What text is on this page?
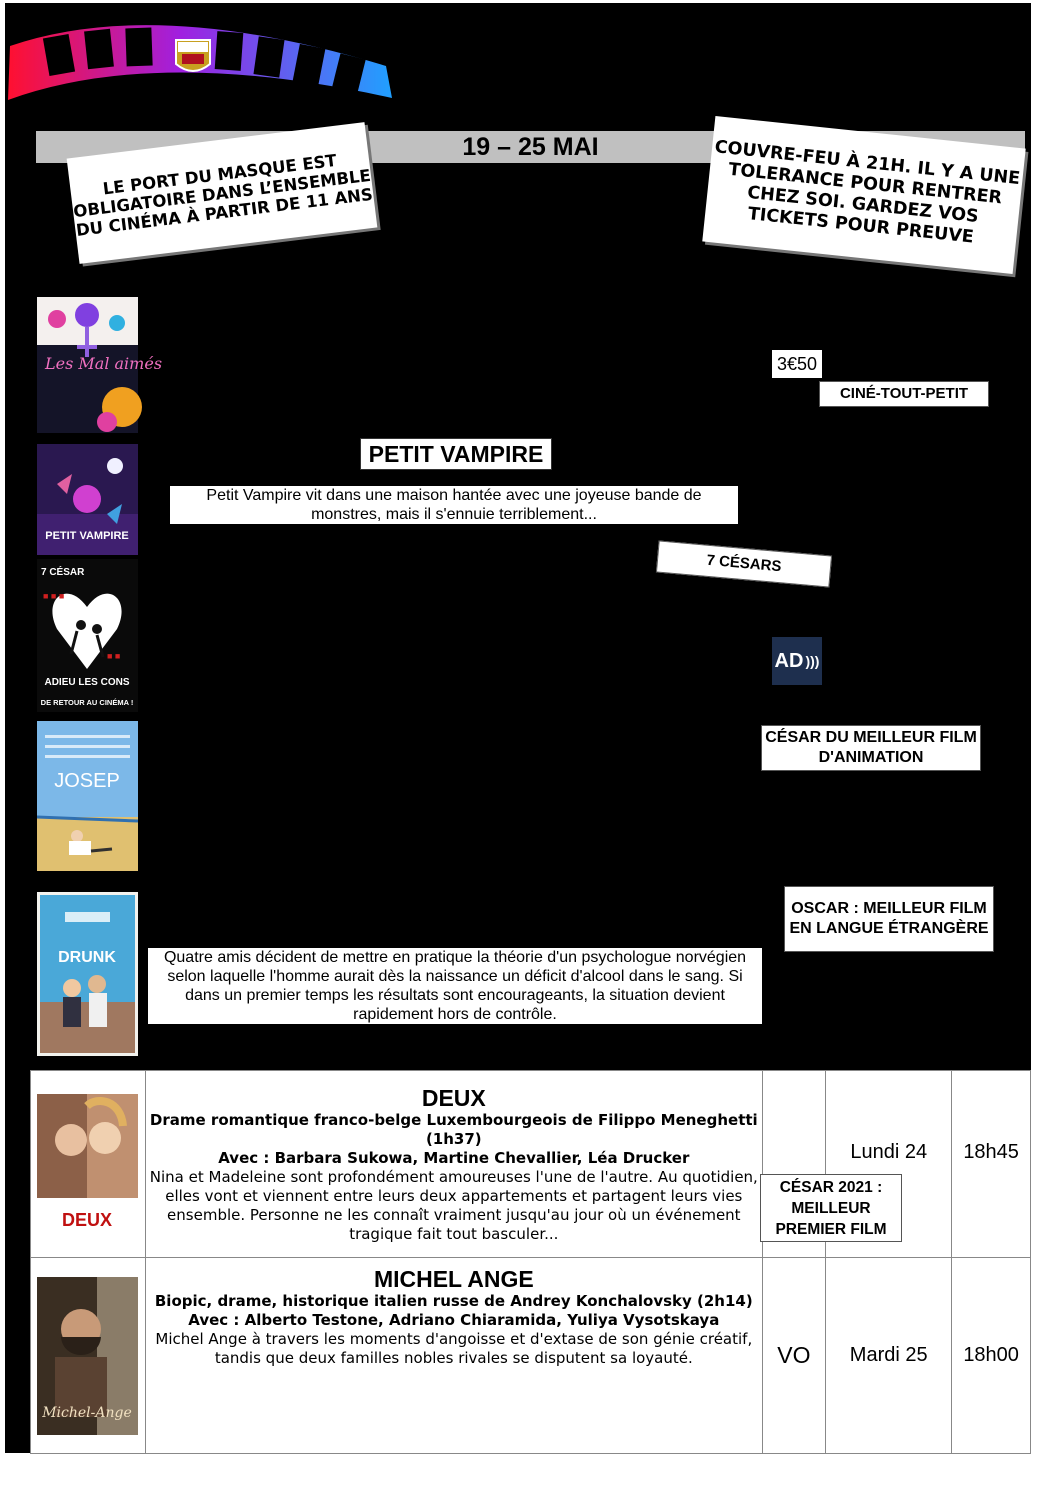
19 – 25 MAI
LE PORT DU MASQUE EST OBLIGATOIRE DANS L’ENSEMBLE DU CINÉMA À PARTIR DE 11 ANS
COUVRE-FEU À 21H. IL Y A UNE TOLERANCE POUR RENTRER CHEZ SOI. GARDEZ VOS TICKETS POUR PREUVE
Les Mal aimés
PETIT VAMPIRE
7 CÉSAR
ADIEU LES CONS
DE RETOUR AU CINÉMA !
■ ■ ■
■ ■
JOSEP
DRUNK
3€50
CINÉ-TOUT-PETIT
PETIT VAMPIRE
Petit Vampire vit dans une maison hantée avec une joyeuse bande de monstres, mais il s'ennuie terriblement...
7 CÉSARS
AD )))
CÉSAR DU MEILLEUR FILM D'ANIMATION
OSCAR : MEILLEUR FILM EN LANGUE ÉTRANGÈRE
Quatre amis décident de mettre en pratique la théorie d'un psychologue norvégien selon laquelle l'homme aurait dès la naissance un déficit d'alcool dans le sang. Si dans un premier temps les résultats sont encourageants, la situation devient rapidement hors de contrôle.
DEUX	DEUX
Drame romantique franco-belge Luxembourgeois de Filippo Meneghetti (1h37)
Avec : Barbara Sukowa, Martine Chevallier, Léa Drucker
Nina et Madeleine sont profondément amoureuses l'une de l'autre. Au quotidien, elles vont et viennent entre leurs deux appartements et partagent leurs vies ensemble. Personne ne les connaît vraiment jusqu'au jour où un événement tragique fait tout basculer...		Lundi 24	18h45

Michel-Ange	MICHEL ANGE
Biopic, drame, historique italien russe de Andrey Konchalovsky (2h14)
Avec : Alberto Testone, Adriano Chiaramida, Yuliya Vysotskaya
Michel Ange à travers les moments d'angoisse et d'extase de son génie créatif, tandis que deux familles nobles rivales se disputent sa loyauté.	VO	Mardi 25	18h00
CÉSAR 2021 : MEILLEUR PREMIER FILM
